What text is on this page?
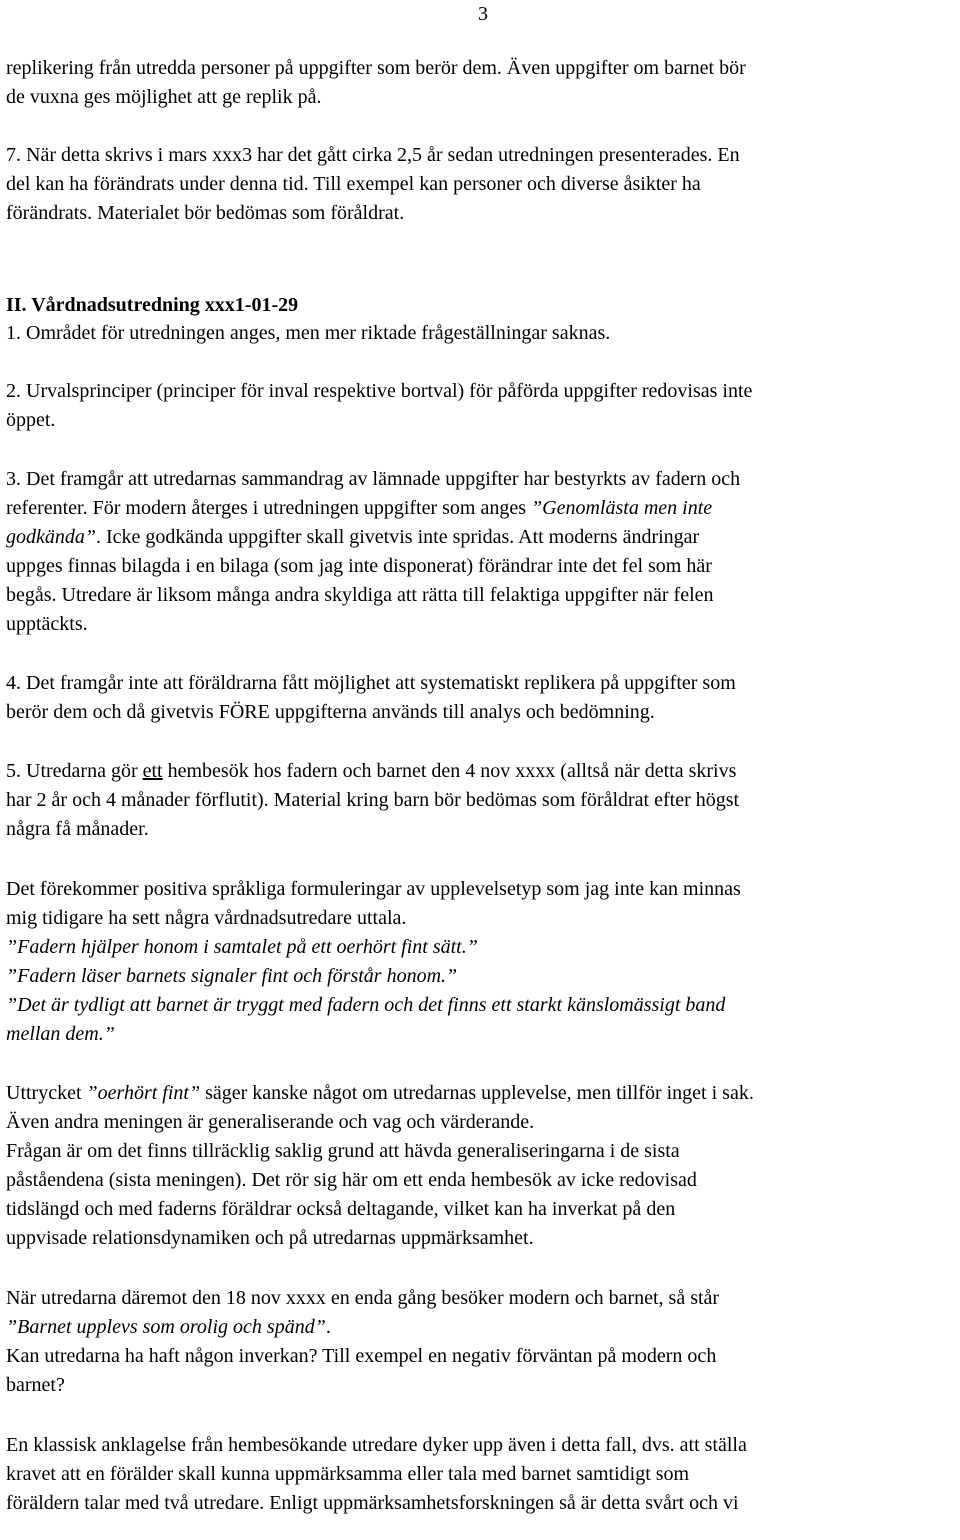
3
replikering från utredda personer på uppgifter som berör dem. Även uppgifter om barnet bör
de vuxna ges möjlighet att ge replik på.
7. När detta skrivs i mars xxx3 har det gått cirka 2,5 år sedan utredningen presenterades. En
del kan ha förändrats under denna tid. Till exempel kan personer och diverse åsikter ha
förändrats. Materialet bör bedömas som föråldrat.
II. Vårdnadsutredning xxx1-01-29
1. Området för utredningen anges, men mer riktade frågeställningar saknas.
2. Urvalsprinciper (principer för inval respektive bortval) för påförda uppgifter redovisas inte
öppet.
3. Det framgår att utredarnas sammandrag av lämnade uppgifter har bestyrkts av fadern och
referenter. För modern återges i utredningen uppgifter som anges ”Genomlästa men inte
godkända”. Icke godkända uppgifter skall givetvis inte spridas. Att moderns ändringar
uppges finnas bilagda i en bilaga (som jag inte disponerat) förändrar inte det fel som här
begås. Utredare är liksom många andra skyldiga att rätta till felaktiga uppgifter när felen
upptäckts.
4. Det framgår inte att föräldrarna fått möjlighet att systematiskt replikera på uppgifter som
berör dem och då givetvis FÖRE uppgifterna används till analys och bedömning.
5. Utredarna gör ett hembesök hos fadern och barnet den 4 nov xxxx (alltså när detta skrivs
har 2 år och 4 månader förflutit). Material kring barn bör bedömas som föråldrat efter högst
några få månader.
Det förekommer positiva språkliga formuleringar av upplevelsetyp som jag inte kan minnas
mig tidigare ha sett några vårdnadsutredare uttala.
”Fadern hjälper honom i samtalet på ett oerhört fint sätt.”
”Fadern läser barnets signaler fint och förstår honom.”
”Det är tydligt att barnet är tryggt med fadern och det finns ett starkt känslomässigt band
mellan dem.”
Uttrycket ”oerhört fint” säger kanske något om utredarnas upplevelse, men tillför inget i sak.
Även andra meningen är generaliserande och vag och värderande.
Frågan är om det finns tillräcklig saklig grund att hävda generaliseringarna i de sista
påståendena (sista meningen). Det rör sig här om ett enda hembesök av icke redovisad
tidslängd och med faderns föräldrar också deltagande, vilket kan ha inverkat på den
uppvisade relationsdynamiken och på utredarnas uppmärksamhet.
När utredarna däremot den 18 nov xxxx en enda gång besöker modern och barnet, så står
”Barnet upplevs som orolig och spänd”.
Kan utredarna ha haft någon inverkan? Till exempel en negativ förväntan på modern och
barnet?
En klassisk anklagelse från hembesökande utredare dyker upp även i detta fall, dvs. att ställa
kravet att en förälder skall kunna uppmärksamma eller tala med barnet samtidigt som
föräldern talar med två utredare. Enligt uppmärksamhetsforskningen så är detta svårt och vi
